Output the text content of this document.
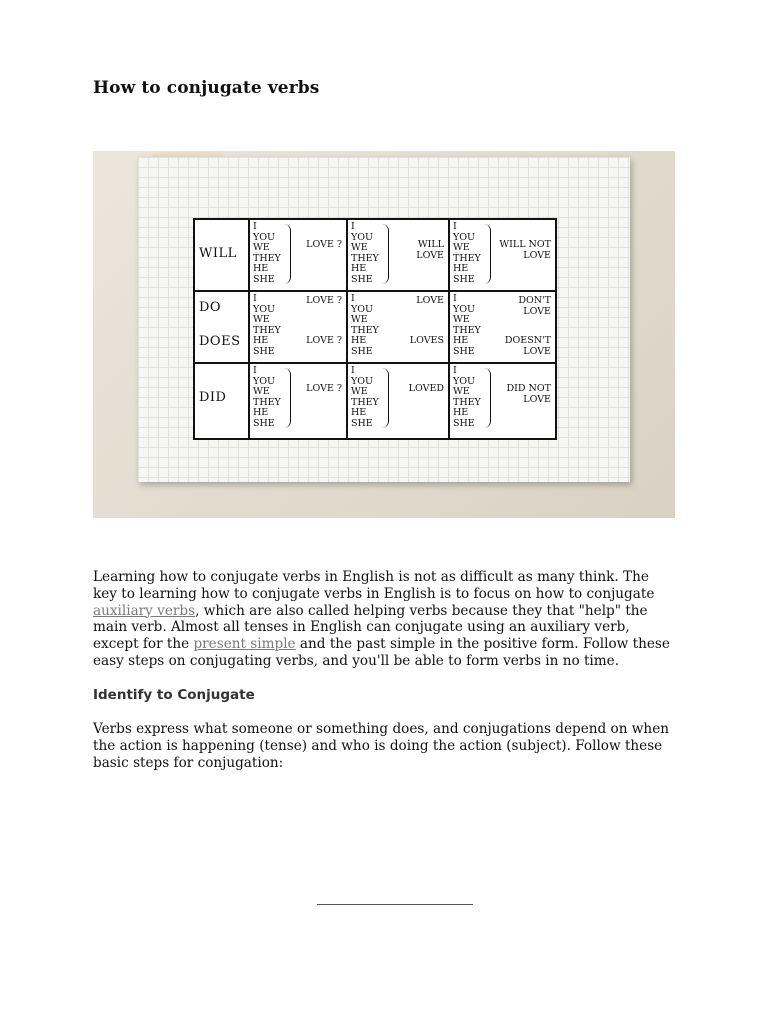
How to conjugate verbs
WILL
I
YOU
WE
THEY
HE
SHE
LOVE ?
I
YOU
WE
THEY
HE
SHE
WILL LOVE
I
YOU
WE
THEY
HE
SHE
WILL NOT LOVE
DO
DOES
I
YOU
WE
THEY
HE
SHE
LOVE ?
LOVE ?
I
YOU
WE
THEY
HE
SHE
LOVE
LOVES
I
YOU
WE
THEY
HE
SHE
DON'T LOVE
DOESN'T LOVE
DID
I
YOU
WE
THEY
HE
SHE
LOVE ?
I
YOU
WE
THEY
HE
SHE
LOVED
I
YOU
WE
THEY
HE
SHE
DID NOT LOVE

Learning how to conjugate verbs in English is not as difficult as many think. The key to learning how to conjugate verbs in English is to focus on how to conjugate auxiliary verbs, which are also called helping verbs because they that "help" the main verb. Almost all tenses in English can conjugate using an auxiliary verb, except for the present simple and the past simple in the positive form. Follow these easy steps on conjugating verbs, and you'll be able to form verbs in no time.

Identify to Conjugate

Verbs express what someone or something does, and conjugations depend on when the action is happening (tense) and who is doing the action (subject). Follow these basic steps for conjugation:
